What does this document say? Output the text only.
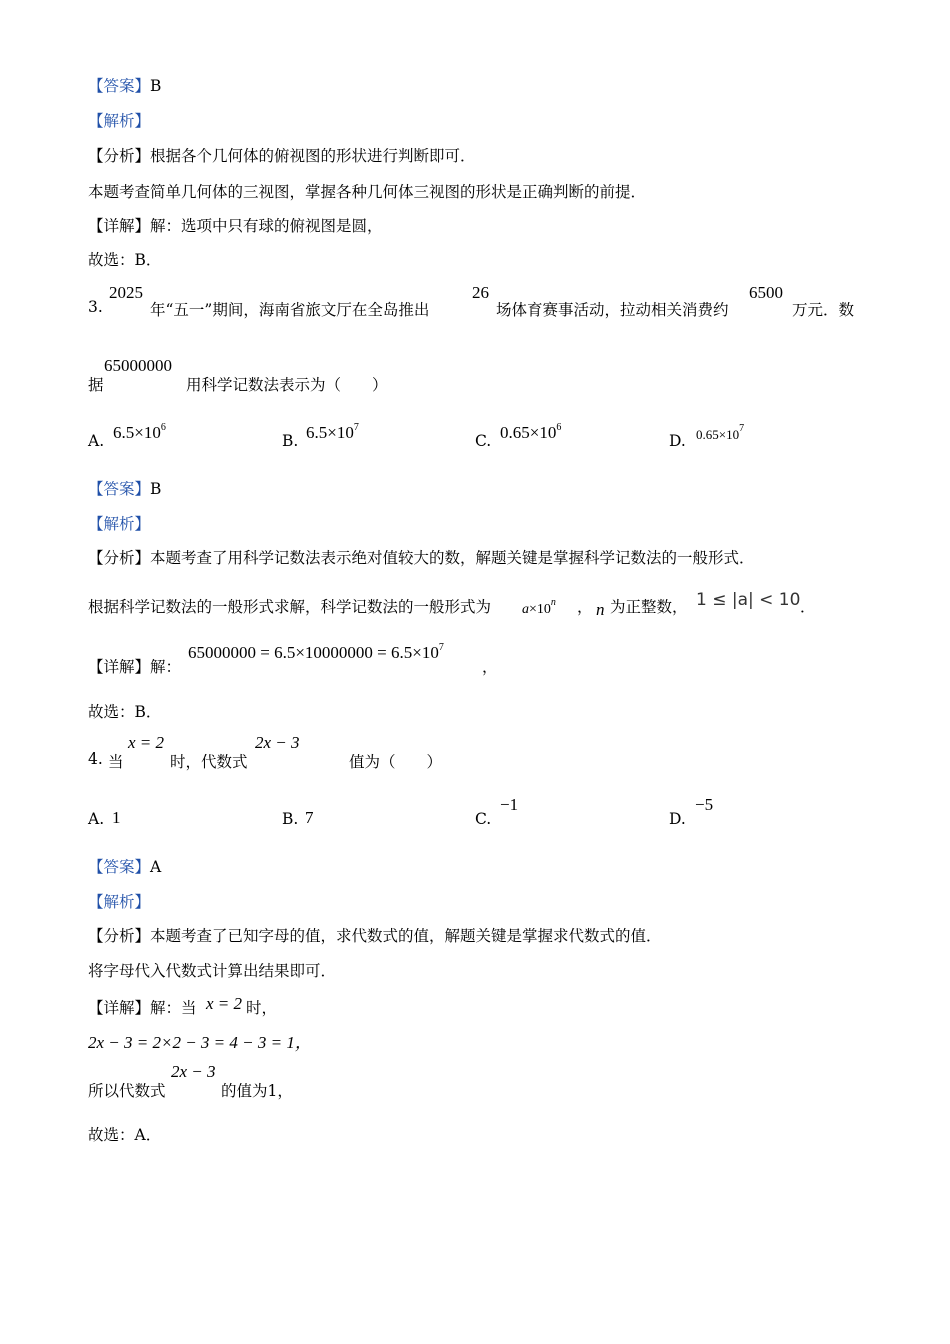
【答案】B
【解析】
【分析】根据各个几何体的俯视图的形状进行判断即可．
本题考查简单几何体的三视图，掌握各种几何体三视图的形状是正确判断的前提．
【详解】解：选项中只有球的俯视图是圆，
故选：B．
3.
2025
年“五一”期间，海南省旅文厅在全岛推出
26
场体育赛事活动，拉动相关消费约
6500
万元．数
据
65000000
用科学记数法表示为（　　）
A. $6.5\times 10^6$
B. $6.5\times 10^7$
C. $0.65\times 10^6$
D. $0.65\times 10^7$
【答案】B
【解析】
【分析】本题考查了用科学记数法表示绝对值较大的数，解题关键是掌握科学记数法的一般形式．
根据科学记数法的一般形式求解，科学记数法的一般形式为 $a\times 10^n$ ， n 为正整数， 1 ≤ |a| < 10 ．
【详解】解：
$65000000 = 6.5\times 10000000 = 6.5\times 10^7$
，
故选：B．
4. 当
x = 2
时，代数式
2x − 3
值为（　　）
A. 1	B. 7	C.
−1
D.
−5
【答案】A
【解析】
【分析】本题考查了已知字母的值，求代数式的值，解题关键是掌握求代数式的值．
将字母代入代数式计算出结果即可．
【详解】解：当 x = 2 时，
2x − 3 = 2×2 − 3 = 4 − 3 = 1，
所以代数式
2x − 3
的值为1，
故选：A．
